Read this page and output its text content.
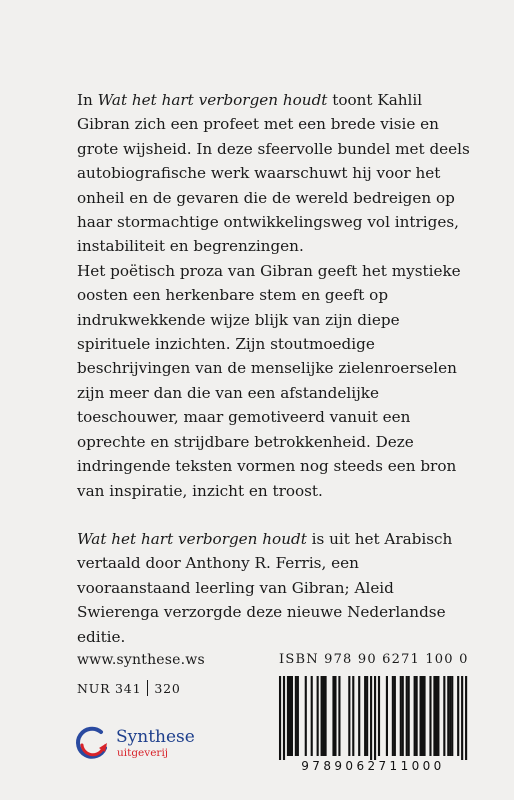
In Wat het hart verborgen houdt toont Kahlil Gibran zich een profeet met een brede visie en grote wijsheid. In deze sfeervolle bundel met deels autobiografische werk waarschuwt hij voor het onheil en de gevaren die de wereld bedreigen op haar stormachtige ontwikkelingsweg vol intriges, instabiliteit en begrenzingen.

Het poëtisch proza van Gibran geeft het mystieke oosten een herkenbare stem en geeft op indrukwekkende wijze blijk van zijn diepe spirituele inzichten. Zijn stoutmoedige beschrijvingen van de menselijke zielenroerselen zijn meer dan die van een afstandelijke toeschouwer, maar gemotiveerd vanuit een oprechte en strijdbare betrokkenheid. Deze indringende teksten vormen nog steeds een bron van inspiratie, inzicht en troost.

Wat het hart verborgen houdt is uit het Arabisch vertaald door Anthony R. Ferris, een vooraanstaand leerling van Gibran; Aleid Swierenga verzorgde deze nieuwe Nederlandse editie.

www.synthese.ws
NUR 341 320
ISBN 978 90 6271 100 0
9789062711000
Synthese
uitgeverij
